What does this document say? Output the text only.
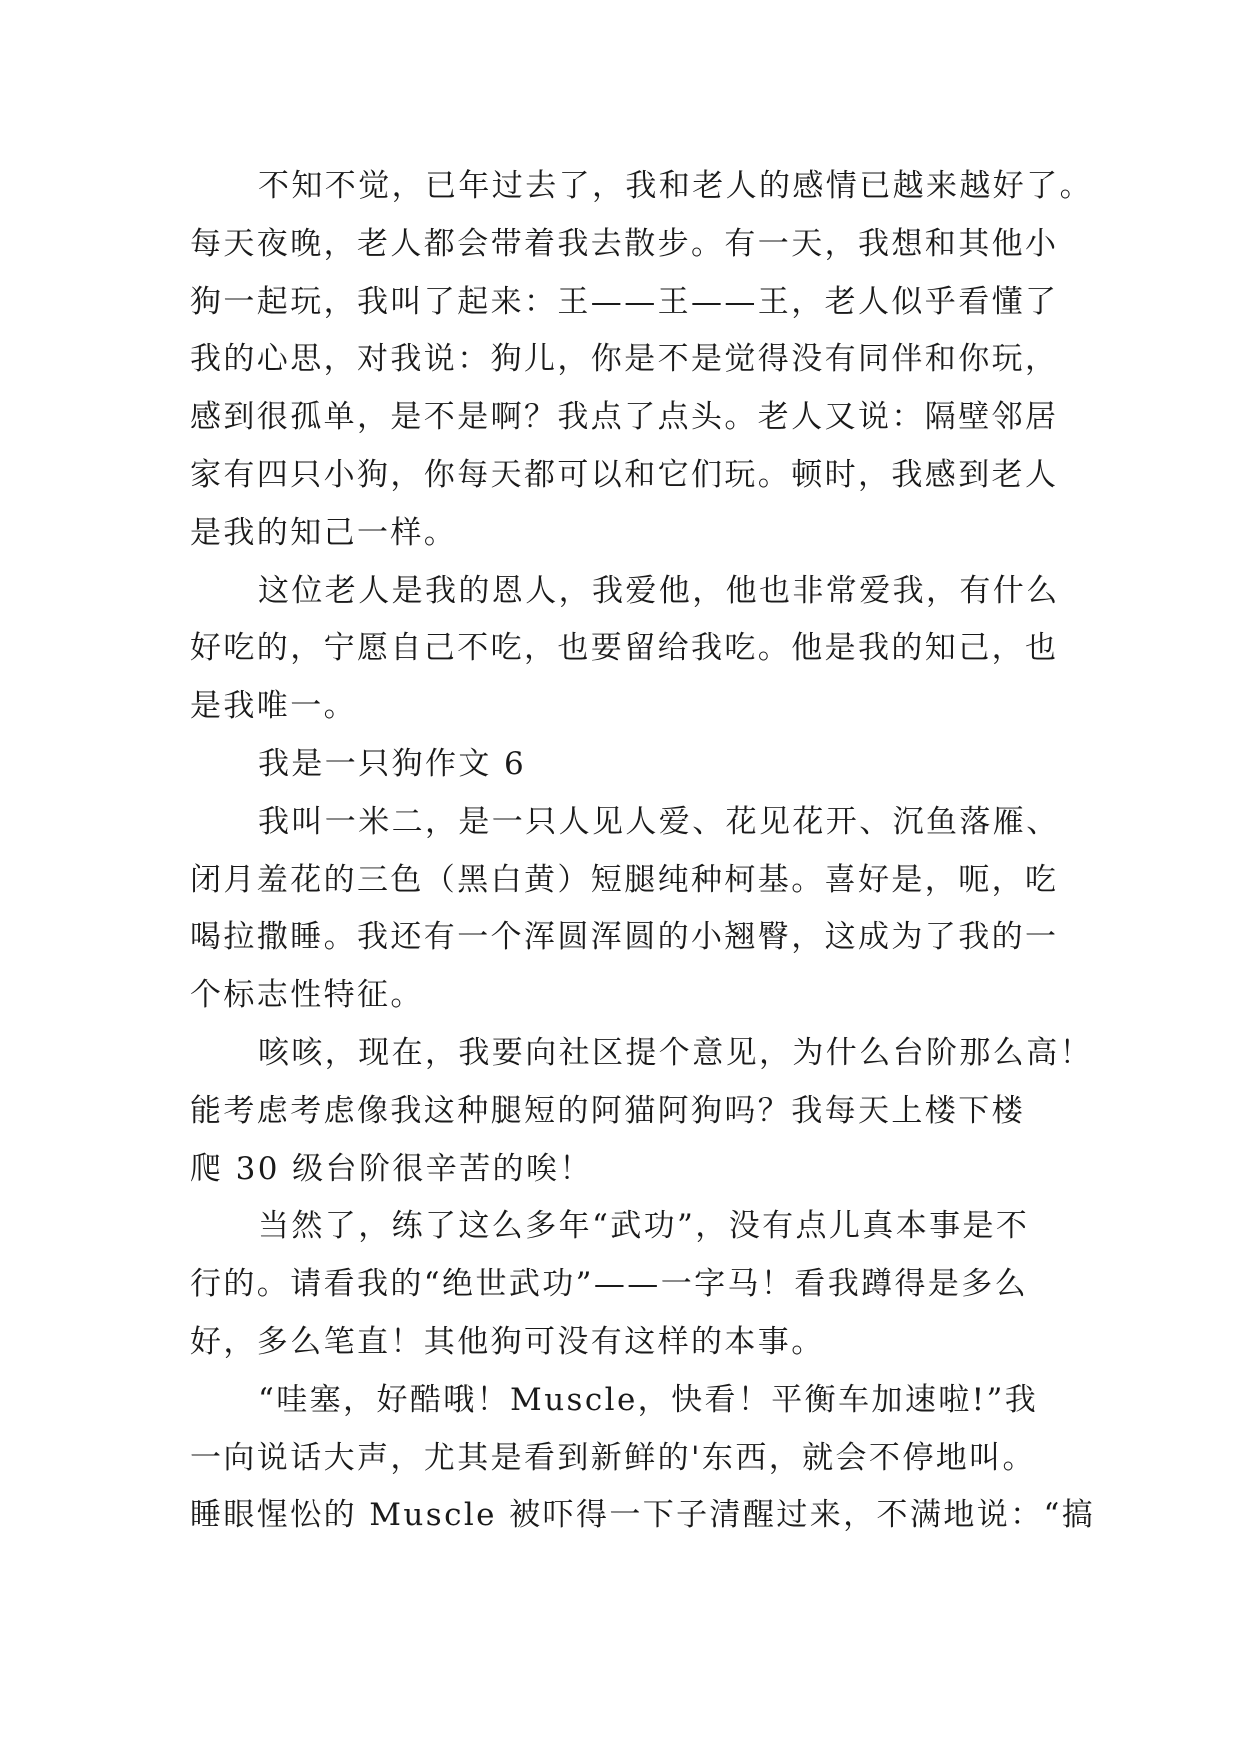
不知不觉，已年过去了，我和老人的感情已越来越好了。
每天夜晚，老人都会带着我去散步。有一天，我想和其他小
狗一起玩，我叫了起来：王——王——王，老人似乎看懂了
我的心思，对我说：狗儿，你是不是觉得没有同伴和你玩，
感到很孤单，是不是啊？我点了点头。老人又说：隔壁邻居
家有四只小狗，你每天都可以和它们玩。顿时，我感到老人
是我的知己一样。
这位老人是我的恩人，我爱他，他也非常爱我，有什么
好吃的，宁愿自己不吃，也要留给我吃。他是我的知己，也
是我唯一。
我是一只狗作文 6
我叫一米二，是一只人见人爱、花见花开、沉鱼落雁、
闭月羞花的三色（黑白黄）短腿纯种柯基。喜好是，呃，吃
喝拉撒睡。我还有一个浑圆浑圆的小翘臀，这成为了我的一
个标志性特征。
咳咳，现在，我要向社区提个意见，为什么台阶那么高！
能考虑考虑像我这种腿短的阿猫阿狗吗？我每天上楼下楼
爬 30 级台阶很辛苦的唉！
当然了，练了这么多年“武功”，没有点儿真本事是不
行的。请看我的“绝世武功”——一字马！看我蹲得是多么
好，多么笔直！其他狗可没有这样的本事。
“哇塞，好酷哦！Muscle，快看！平衡车加速啦!”我
一向说话大声，尤其是看到新鲜的'东西，就会不停地叫。
睡眼惺忪的 Muscle 被吓得一下子清醒过来，不满地说：“搞
